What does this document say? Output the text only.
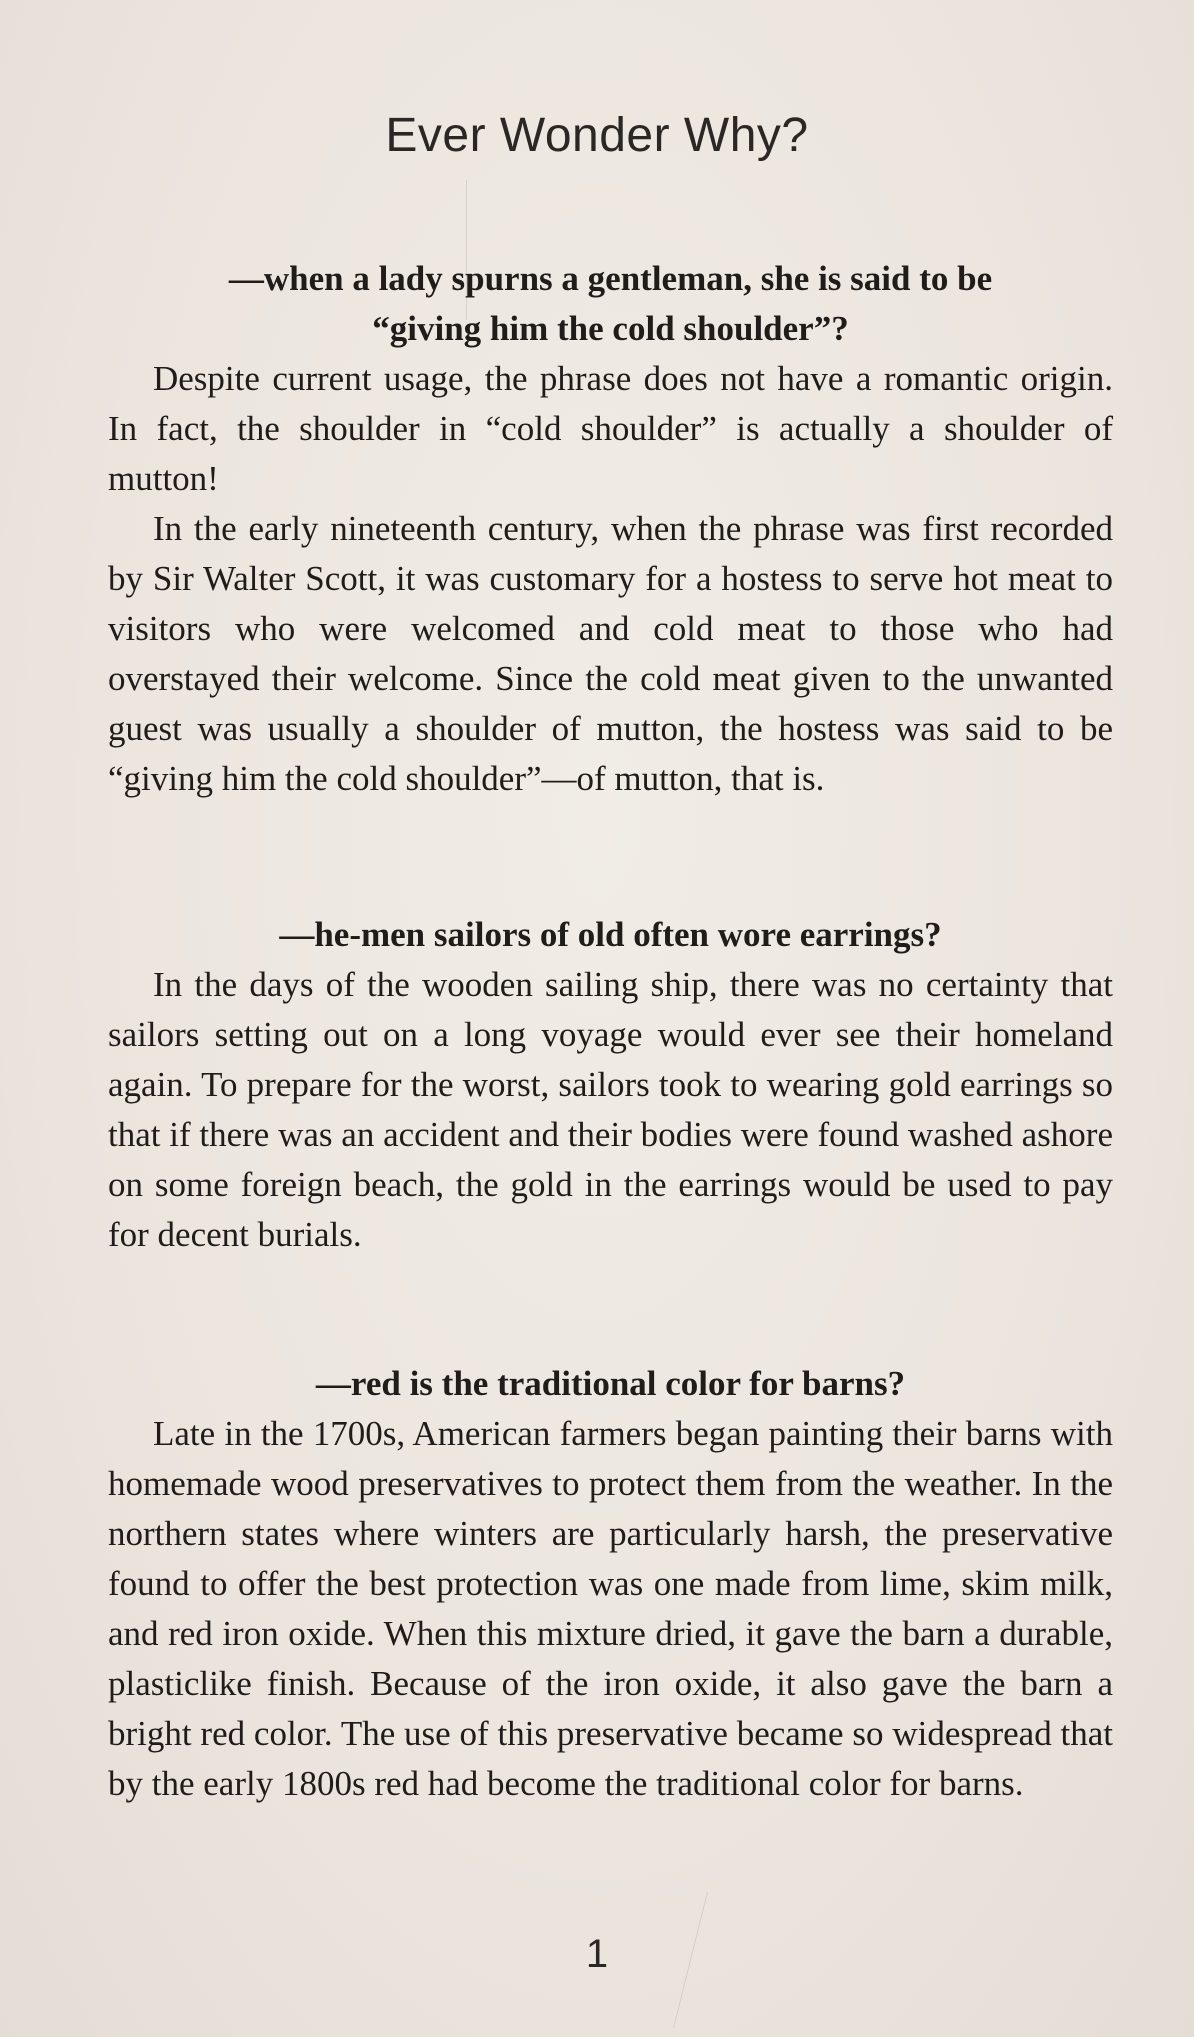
Ever Wonder Why?

—when a lady spurns a gentleman, she is said to be
“giving him the cold shoulder”?

Despite current usage, the phrase does not have a romantic origin. In fact, the shoulder in “cold shoulder” is actually a shoulder of mutton!

In the early nineteenth century, when the phrase was first recorded by Sir Walter Scott, it was customary for a hostess to serve hot meat to visitors who were welcomed and cold meat to those who had overstayed their welcome. Since the cold meat given to the unwanted guest was usually a shoulder of mutton, the hostess was said to be “giving him the cold shoulder”—of mutton, that is.

—he-men sailors of old often wore earrings?

In the days of the wooden sailing ship, there was no certainty that sailors setting out on a long voyage would ever see their homeland again. To prepare for the worst, sailors took to wearing gold earrings so that if there was an accident and their bodies were found washed ashore on some foreign beach, the gold in the earrings would be used to pay for decent burials.

—red is the traditional color for barns?

Late in the 1700s, American farmers began painting their barns with homemade wood preservatives to protect them from the weather. In the northern states where winters are particularly harsh, the preservative found to offer the best protection was one made from lime, skim milk, and red iron oxide. When this mixture dried, it gave the barn a durable, plasticlike finish. Because of the iron oxide, it also gave the barn a bright red color. The use of this preservative became so widespread that by the early 1800s red had become the traditional color for barns.

1
